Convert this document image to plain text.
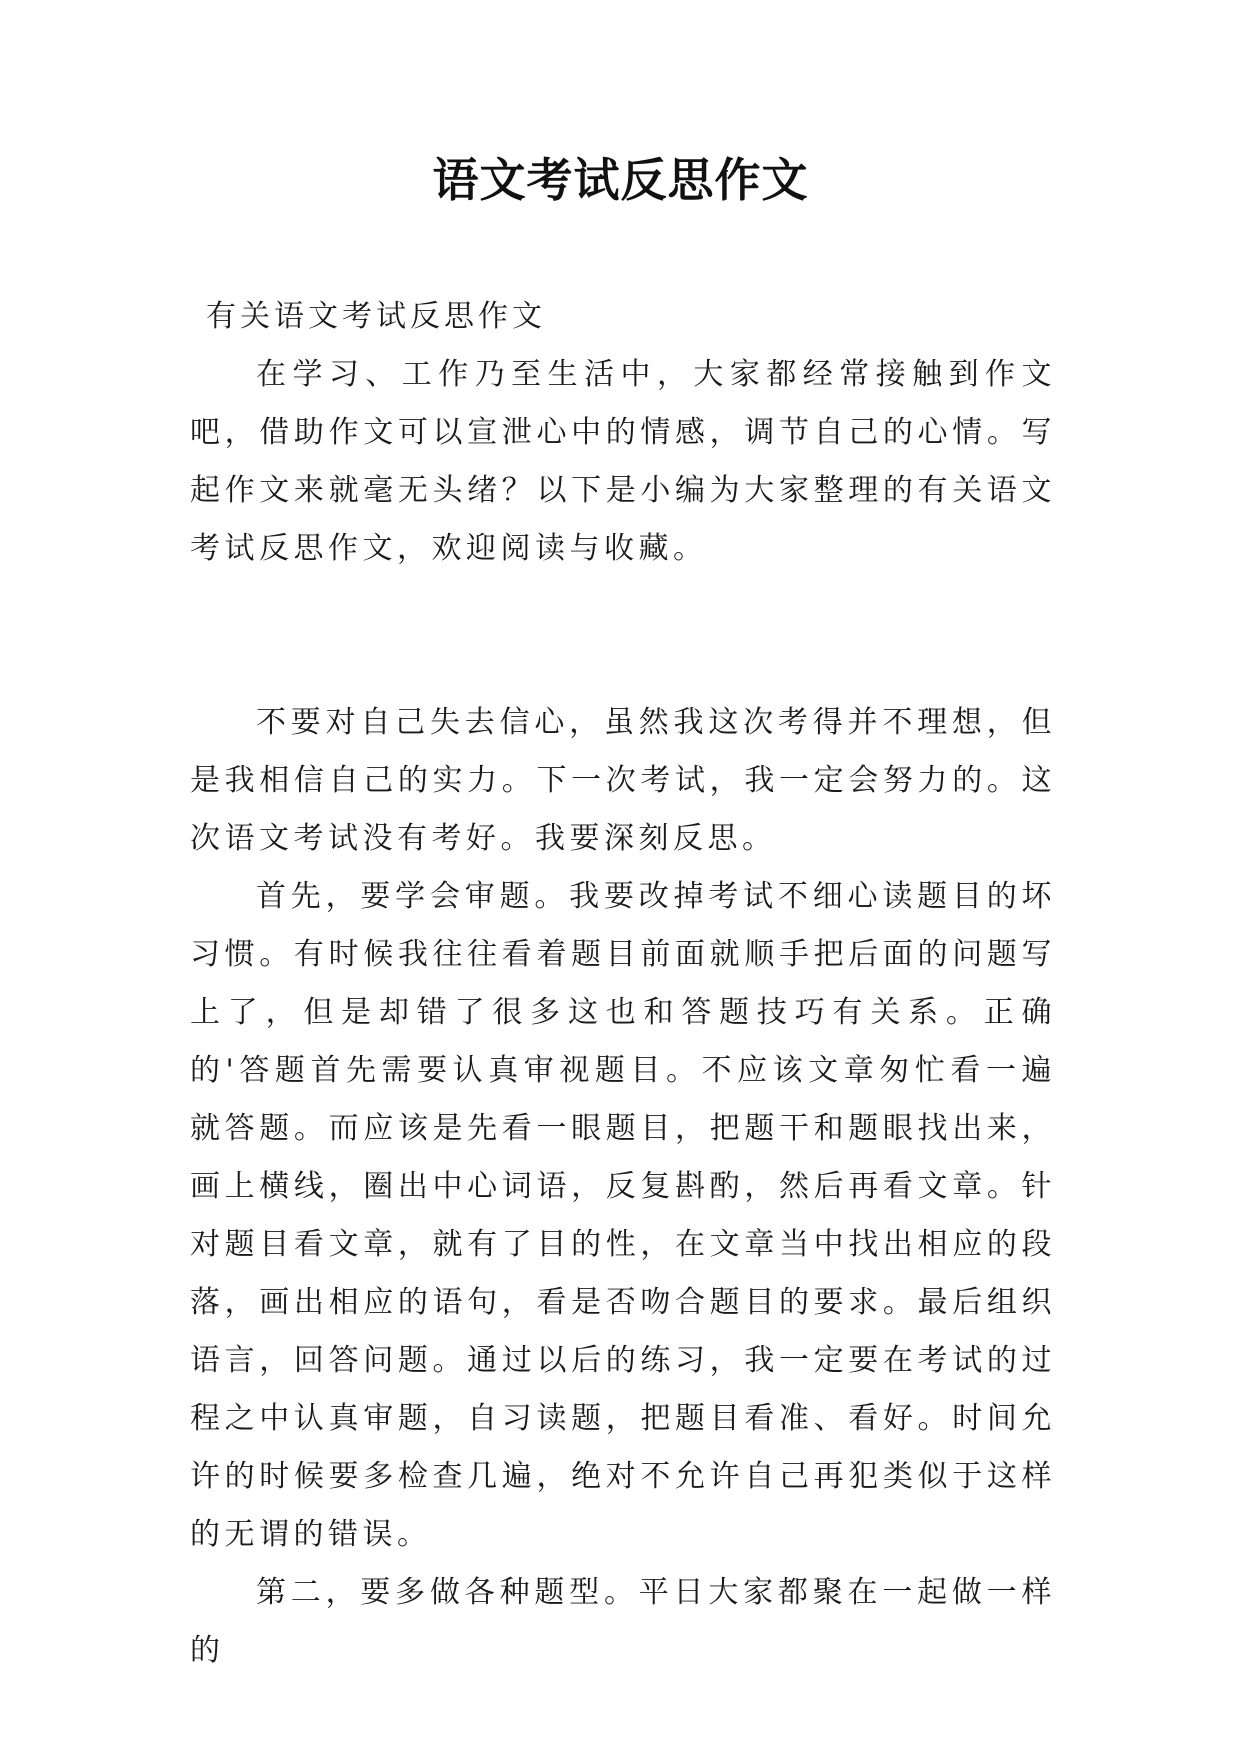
语文考试反思作文

有关语文考试反思作文

在学习、工作乃至生活中，大家都经常接触到作文吧，借助作文可以宣泄心中的情感，调节自己的心情。写起作文来就毫无头绪？以下是小编为大家整理的有关语文考试反思作文，欢迎阅读与收藏。

不要对自己失去信心，虽然我这次考得并不理想，但是我相信自己的实力。下一次考试，我一定会努力的。这次语文考试没有考好。我要深刻反思。

首先，要学会审题。我要改掉考试不细心读题目的坏习惯。有时候我往往看着题目前面就顺手把后面的问题写上了，但是却错了很多这也和答题技巧有关系。正确的'答题首先需要认真审视题目。不应该文章匆忙看一遍就答题。而应该是先看一眼题目，把题干和题眼找出来，画上横线，圈出中心词语，反复斟酌，然后再看文章。针对题目看文章，就有了目的性，在文章当中找出相应的段落，画出相应的语句，看是否吻合题目的要求。最后组织语言，回答问题。通过以后的练习，我一定要在考试的过程之中认真审题，自习读题，把题目看准、看好。时间允许的时候要多检查几遍，绝对不允许自己再犯类似于这样的无谓的错误。

第二，要多做各种题型。平日大家都聚在一起做一样的
